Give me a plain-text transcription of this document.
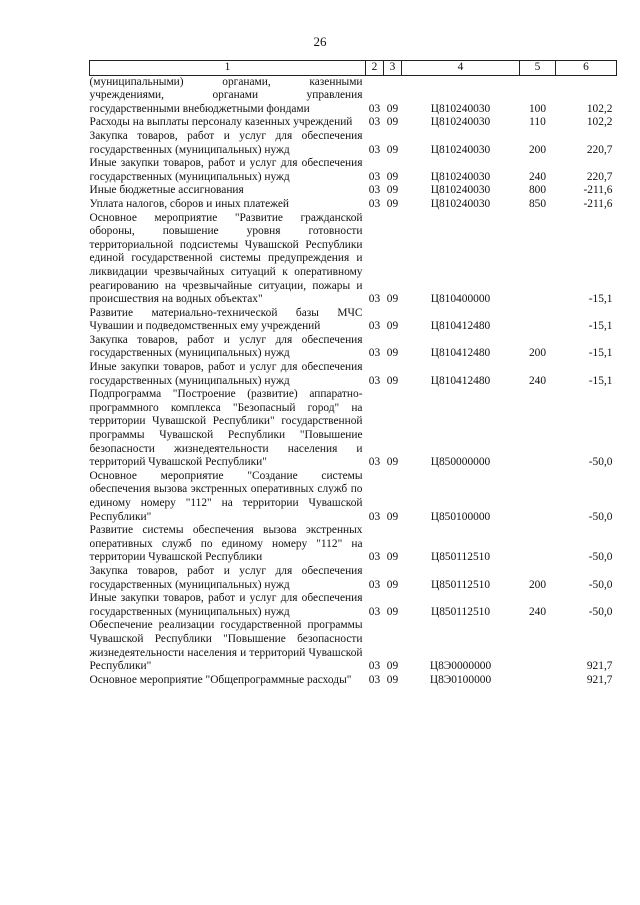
26
1	2	3	4	5	6
(муниципальными) органами, казенными учреждениями, органами управления государственными внебюджетными фондами	03	09	Ц810240030	100	102,2
Расходы на выплаты персоналу казенных учреждений	03	09	Ц810240030	110	102,2
Закупка товаров, работ и услуг для обеспечения государственных (муниципальных) нужд	03	09	Ц810240030	200	220,7
Иные закупки товаров, работ и услуг для обеспечения государственных (муниципальных) нужд	03	09	Ц810240030	240	220,7
Иные бюджетные ассигнования	03	09	Ц810240030	800	-211,6
Уплата налогов, сборов и иных платежей	03	09	Ц810240030	850	-211,6
Основное мероприятие "Развитие гражданской обороны, повышение уровня готовности территориальной подсистемы Чувашской Республики единой государственной системы предупреждения и ликвидации чрезвычайных ситуаций к оперативному реагированию на чрезвычайные ситуации, пожары и происшествия на водных объектах"	03	09	Ц810400000		-15,1
Развитие материально-технической базы МЧС Чувашии и подведомственных ему учреждений	03	09	Ц810412480		-15,1
Закупка товаров, работ и услуг для обеспечения государственных (муниципальных) нужд	03	09	Ц810412480	200	-15,1
Иные закупки товаров, работ и услуг для обеспечения государственных (муниципальных) нужд	03	09	Ц810412480	240	-15,1
Подпрограмма "Построение (развитие) аппаратно-программного комплекса "Безопасный город" на территории Чувашской Республики" государственной программы Чувашской Республики "Повышение безопасности жизнедеятельности населения и территорий Чувашской Республики"	03	09	Ц850000000		-50,0
Основное мероприятие "Создание системы обеспечения вызова экстренных оперативных служб по единому номеру "112" на территории Чувашской Республики"	03	09	Ц850100000		-50,0
Развитие системы обеспечения вызова экстренных оперативных служб по единому номеру "112" на территории Чувашской Республики	03	09	Ц850112510		-50,0
Закупка товаров, работ и услуг для обеспечения государственных (муниципальных) нужд	03	09	Ц850112510	200	-50,0
Иные закупки товаров, работ и услуг для обеспечения государственных (муниципальных) нужд	03	09	Ц850112510	240	-50,0
Обеспечение реализации государственной программы Чувашской Республики "Повышение безопасности жизнедеятельности населения и территорий Чувашской Республики"	03	09	Ц8Э0000000		921,7
Основное мероприятие "Общепрограммные расходы"	03	09	Ц8Э0100000		921,7
